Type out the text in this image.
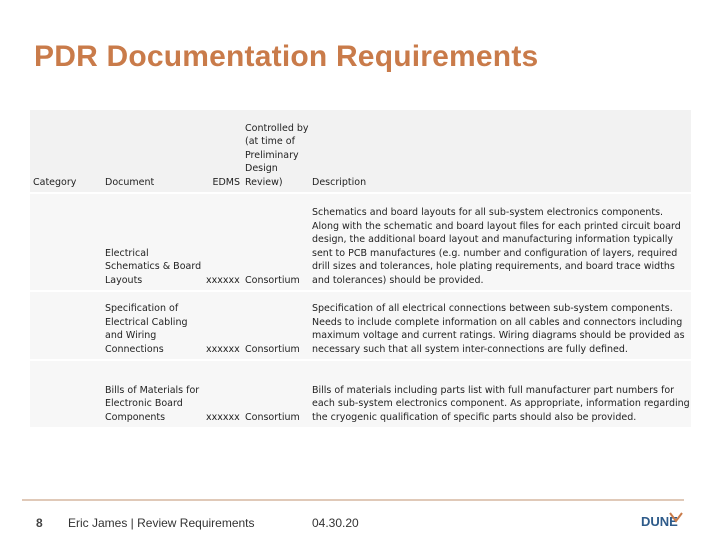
PDR Documentation Requirements
Category	Document	EDMS	Controlled by (at time of Preliminary Design Review)	Description
	Electrical Schematics & Board Layouts	xxxxxx	Consortium	Schematics and board layouts for all sub-system electronics components. Along with the schematic and board layout files for each printed circuit board design, the additional board layout and manufacturing information typically sent to PCB manufactures (e.g. number and configuration of layers, required drill sizes and tolerances, hole plating requirements, and board trace widths and tolerances) should be provided.
	Specification of Electrical Cabling and Wiring Connections	xxxxxx	Consortium	Specification of all electrical connections between sub-system components. Needs to include complete information on all cables and connectors including maximum voltage and current ratings. Wiring diagrams should be provided as necessary such that all system inter-connections are fully defined.
	Bills of Materials for Electronic Board Components	xxxxxx	Consortium	Bills of materials including parts list with full manufacturer part numbers for each sub-system electronics component. As appropriate, information regarding the cryogenic qualification of specific parts should also be provided.
8 Eric James | Review Requirements	04.30.20	DUNE
